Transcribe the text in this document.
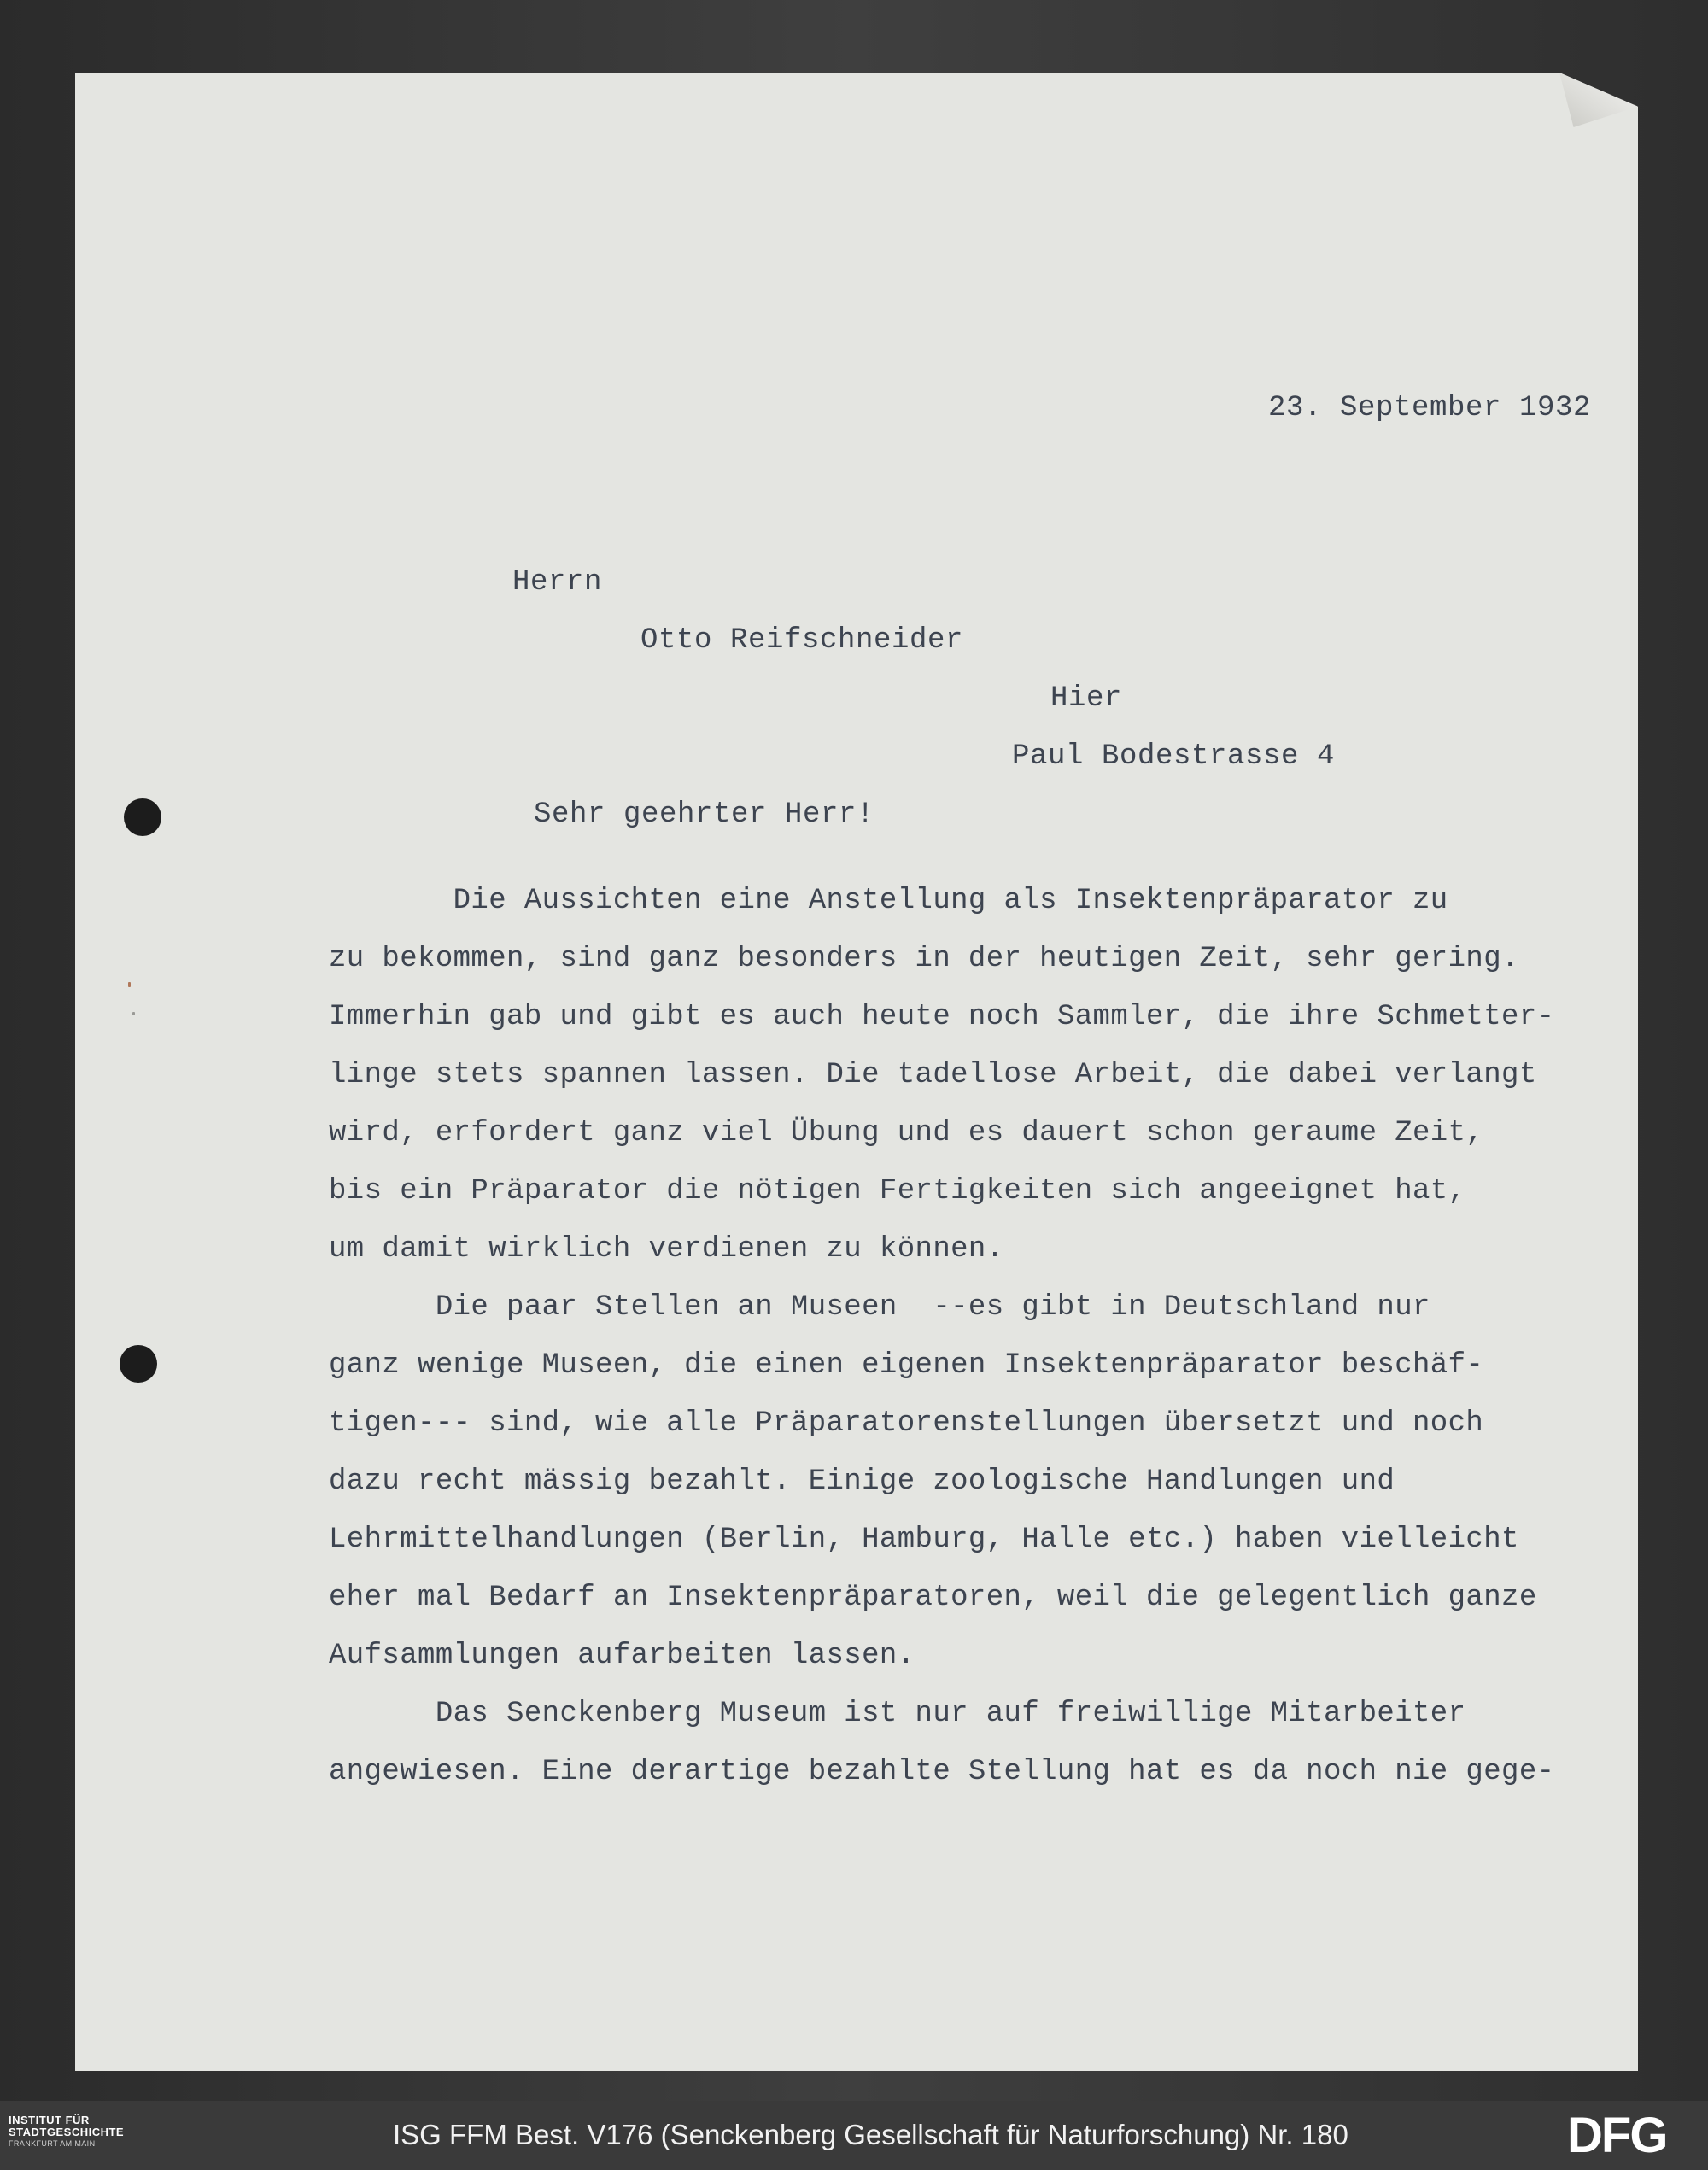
23. September 1932

Herrn

Otto Reifschneider

Hier

Paul Bodestrasse 4

Sehr geehrter Herr!

Die Aussichten eine Anstellung als Insektenpräparator zu

zu bekommen, sind ganz besonders in der heutigen Zeit, sehr gering.

Immerhin gab und gibt es auch heute noch Sammler, die ihre Schmetter-

linge stets spannen lassen. Die tadellose Arbeit, die dabei verlangt

wird, erfordert ganz viel Übung und es dauert schon geraume Zeit,

bis ein Präparator die nötigen Fertigkeiten sich angeeignet hat,

um damit wirklich verdienen zu können.

Die paar Stellen an Museen  --es gibt in Deutschland nur

ganz wenige Museen, die einen eigenen Insektenpräparator beschäf-

tigen--- sind, wie alle Präparatorenstellungen übersetzt und noch

dazu recht mässig bezahlt. Einige zoologische Handlungen und

Lehrmittelhandlungen (Berlin, Hamburg, Halle etc.) haben vielleicht

eher mal Bedarf an Insektenpräparatoren, weil die gelegentlich ganze

Aufsammlungen aufarbeiten lassen.

Das Senckenberg Museum ist nur auf freiwillige Mitarbeiter

angewiesen. Eine derartige bezahlte Stellung hat es da noch nie gege-

INSTITUT FÜR
STADTGESCHICHTE
FRANKFURT AM MAIN	ISG FFM Best. V176 (Senckenberg Gesellschaft für Naturforschung) Nr. 180	DFG
